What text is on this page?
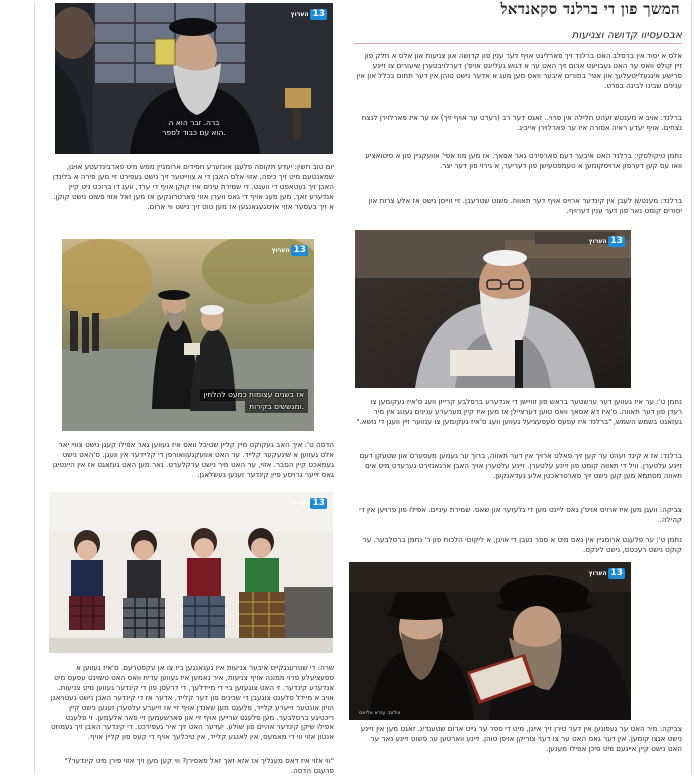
המשך פון די ברלנד סקאנדאל
אבסעסיוו קדושה וצניעות
אלס א יסוד אין ברסלב האט ברלנד זיך פארליגט אויף דער ענין פון קדושה און צניעות און אלס א חלק פון זיין קולט וואס ער האט געבויעט ארום זיך האט ער א דגוש געלייגט אויפ'ן דערלויבטערן שיעורים צו זיינע פרישע אינגעלייטעלעך און אפי' בחורים איבער וואס מען מעג א אדער נישט טוהן אין דער תחום בכלל און אין ענינים שבינו לבינה בפרט.
ברלנד: אויב א מענטש זעהט חלילה אין פרוי.. זאגט דער רב (רעדט ער אויף זיך) אז ער איז פארלוירן לנצח נצחים. אויף יעדע ראיה אסורה איז ער פארלוירן אייביג.
נחמן טיקולסקי: ברלנד האט איבער דעם פארפירט גאר אסאך. אז מען מוז אפי' אוועקגיין פון א סיטואציע וואו עס קען דערפון ארויסקומען א טעמפטעישן פון דעריער, א גירוי פון דער יצר.
ברלנד: מענטשן לעבן אין קינדער ארויס אויף דער תאווה. פשוט שטרעבן. זיי ווייסן נישט אז אלע צרות און יסורים קומט נאר פון דער ענין דערויף.
הערוץ 13
נחמן ט': ער איז געווען דער ערשטער בראש פון זוויישן די אנדערע ברסלבע קרייזן וועג ס'איז געקומען צו רעדן פון דער תאווה. ס'איז דא אסאך וואס טוען דערציילן אז מען איז קיין מערערע ענינים גענוג אין מיר געזאגט בשמש השמש, "ברלנד איז עפעס סעפעציעל געווען וועג ס'איז געקומען צו ענווער זיין וועגן די נושא."
ברלנד: אז א קינד זעהט ער קען זיך פאלט ארויך אין דער תאווה, ברוך ער געמען מעסערס און שטעקן דעם זיינע עלטערן. וויל די תאווה קומט פון זיינע עלטערן. זיינע עלטערן אויך האבן ארגאנזירט גערעדט מיט אים תאווה מסתמא מען קען נישט זיך פארטראכטן אלע געדאנקען.
צביקה: וועגן מען איז ארויס אויפ'ן גאס ליינט מען די גלעזער און שאס. שמירת עיניים. אפילו פון פרויען אין די קהילה.
נחמן ט': ער פלעגט ארומגיין אין גאס מיט א ספר נעבן די אויגן, א ליקוטי הלכות פון ר' נחמן ברסלבער. ער קוקט נישט רעכטס, נישט לינקס.
הערוץ 13
צילום: עזרא אליאס
צביקה: מיר האט ער געפונען אין דער טירן זיך אייגן, מיט די ספר ער גייט ארום שטענדיג. זאגט מען אין זיינע נישט אנצו קומען. אין דער גאס האט ער צו דער צוריקן אויפן טוהן. זיינע ווארטען ער פשוט זיינע נאר ער האט נישט קיין איינעם מיט סיכן אפילו מענען.
הערוץ 13
ברה. זבר הוא ה
הוא עם כבוד לספר.
יום טוב חשין: יעדע תקופה פלעגן אונזערע חסידים ארומגיין ממש מיט פארבינדעטע אויגן, שמאנטעם מיט זיך כיפה, אזוי אלס האבן די א צווייטער זיך נישט געפירט זיי מען פירה א בלינדן האבן זיך געטאפט די וועגט. די שמירת עינים איז קוקן אויף די ערד, וועג דו ברוכט ניט קיין אנדערע זאך. מען מעג אויף די גאס ווערן אזוי פארטרונקען אז מען זאל אזוי פשוט נישט קוקן. א זיך בעסער אזוי אויסגעגאנגען אז מען טוט זיך נישט ווי ארום.
הערוץ 13
אז בשנים עצומות כמעט להלחין
ומגששים בקירות.
הדסה ט': איך האב געקוקט מיין קליין שטיבל וואס איז געווען גאר אפילו קעגן נישט צוויי יאר אלט געווען א שינעקער קלייד. ער האט אוועקגעוואורפן די קליידער אין וועגן. ס'האט נישט געמאכט קיין הסבר. אזוי, ער האט מיר נישט ערקלערט. נאר מען האט געזאגט אז אין היינטיגן גאס זייער גרויסע פיין קינדער זענען געשלאגן.
הערוץ 13
שרה: די שטרענגקייט איבער צניעות איז געגאנגען ביז צו אן עקסטרעם. ס'איז געווען א ספעציעלע פרוי ממונה אויף צניעות, איר נאמען איז געווען עדית וואס האט טשוינט עפעס מיט אנדערע קינדער. זי האט צוגעזען ביי די מיידלעך, די דרעסן פון די קינדער געווען מיט צניעות. אויב א מיידל פלעגט צוגעבן די שכינים פון דער קלייד, אדער אז די קינדער האבן נישט געטראגן הויזן אונטער זייערע קלייד, פלעגט מען שאנדן אויף זיי אז זייערע עלטערן זענען נישט קיין ריכטיגע ברסלבער. מען פלעגט שרייען אויף זיי און פארשעמען זיי פאר אלעמען. זי פלעגט אפילו שיקן קינדער אהיים פון שולע. יעדער האט זיך איר געפירכט. די קינדער האבן זיך געמוזט אנטון אזוי ווי די מאמעס, אין לאנגע קלייד, אין טיכלעך אויף די קעפ פון קליין אויף.
"ווי אזוי איז דאס מעגליך אז אזא זאך זאל פאסירן? ווי קען מען זיך אזוי פירן מיט קינדער?" פרעגט הדסה.
